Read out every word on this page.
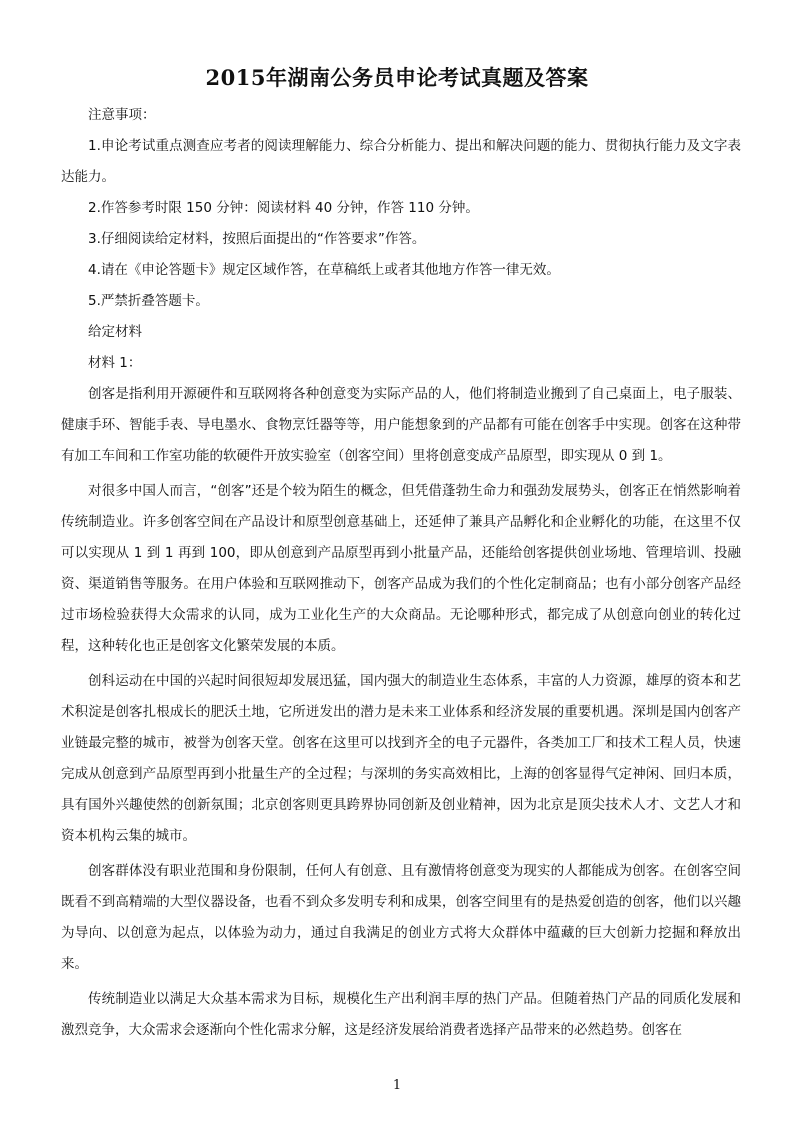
2015年湖南公务员申论考试真题及答案

注意事项：

1.申论考试重点测查应考者的阅读理解能力、综合分析能力、提出和解决问题的能力、贯彻执行能力及文字表达能力。

2.作答参考时限 150 分钟：阅读材料 40 分钟，作答 110 分钟。

3.仔细阅读给定材料，按照后面提出的“作答要求”作答。

4.请在《申论答题卡》规定区域作答，在草稿纸上或者其他地方作答一律无效。

5.严禁折叠答题卡。

给定材料

材料 1：

创客是指利用开源硬件和互联网将各种创意变为实际产品的人，他们将制造业搬到了自己桌面上，电子服装、健康手环、智能手表、导电墨水、食物烹饪器等等，用户能想象到的产品都有可能在创客手中实现。创客在这种带有加工车间和工作室功能的软硬件开放实验室（创客空间）里将创意变成产品原型，即实现从 0 到 1。

对很多中国人而言，“创客”还是个较为陌生的概念，但凭借蓬勃生命力和强劲发展势头，创客正在悄然影响着传统制造业。许多创客空间在产品设计和原型创意基础上，还延伸了兼具产品孵化和企业孵化的功能，在这里不仅可以实现从 1 到 1 再到 100，即从创意到产品原型再到小批量产品，还能给创客提供创业场地、管理培训、投融资、渠道销售等服务。在用户体验和互联网推动下，创客产品成为我们的个性化定制商品；也有小部分创客产品经过市场检验获得大众需求的认同，成为工业化生产的大众商品。无论哪种形式，都完成了从创意向创业的转化过程，这种转化也正是创客文化繁荣发展的本质。

创科运动在中国的兴起时间很短却发展迅猛，国内强大的制造业生态体系，丰富的人力资源，雄厚的资本和艺术积淀是创客扎根成长的肥沃土地，它所迸发出的潜力是未来工业体系和经济发展的重要机遇。深圳是国内创客产业链最完整的城市，被誉为创客天堂。创客在这里可以找到齐全的电子元器件，各类加工厂和技术工程人员，快速完成从创意到产品原型再到小批量生产的全过程；与深圳的务实高效相比，上海的创客显得气定神闲、回归本质，具有国外兴趣使然的创新氛围；北京创客则更具跨界协同创新及创业精神，因为北京是顶尖技术人才、文艺人才和资本机构云集的城市。

创客群体没有职业范围和身份限制，任何人有创意、且有激情将创意变为现实的人都能成为创客。在创客空间既看不到高精端的大型仪器设备，也看不到众多发明专利和成果，创客空间里有的是热爱创造的创客，他们以兴趣为导向、以创意为起点，以体验为动力，通过自我满足的创业方式将大众群体中蕴藏的巨大创新力挖掘和释放出来。

传统制造业以满足大众基本需求为目标，规模化生产出利润丰厚的热门产品。但随着热门产品的同质化发展和激烈竞争，大众需求会逐渐向个性化需求分解，这是经济发展给消费者选择产品带来的必然趋势。创客在

1
